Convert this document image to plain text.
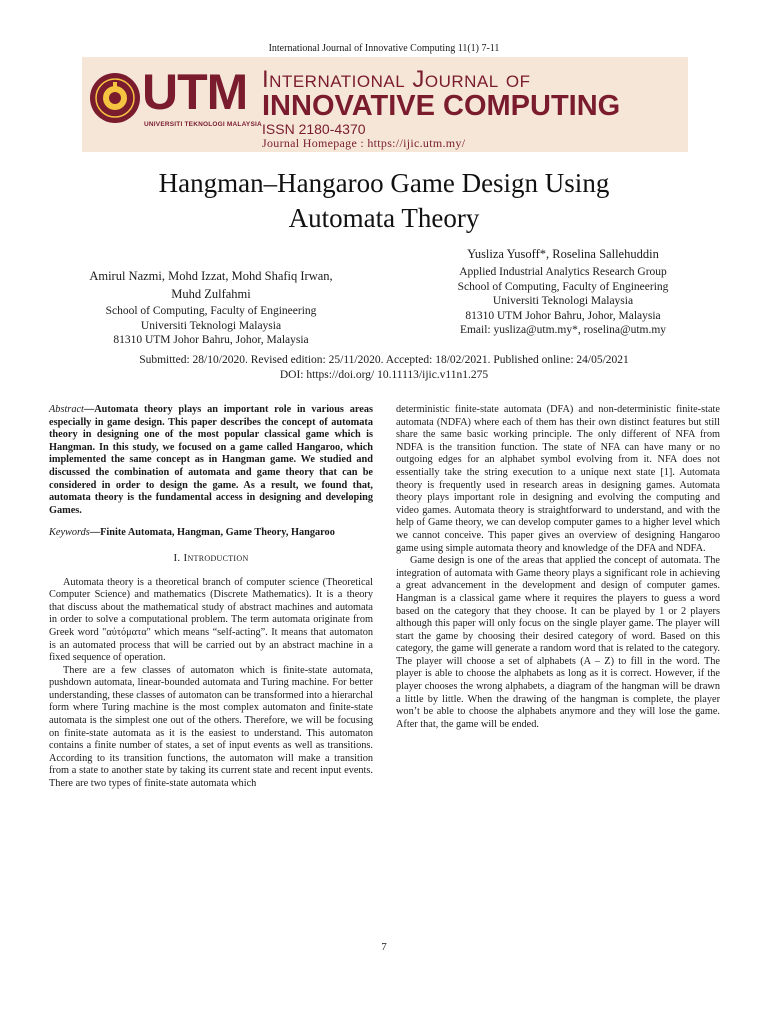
International Journal of Innovative Computing 11(1) 7-11
UTM
UNIVERSITI TEKNOLOGI MALAYSIA
International Journal of
INNOVATIVE COMPUTING
ISSN 2180-4370
Journal Homepage : https://ijic.utm.my/
Hangman–Hangaroo Game Design Using
Automata Theory
Amirul Nazmi, Mohd Izzat, Mohd Shafiq Irwan,
Muhd Zulfahmi
School of Computing, Faculty of Engineering
Universiti Teknologi Malaysia
81310 UTM Johor Bahru, Johor, Malaysia
Yusliza Yusoff*, Roselina Sallehuddin
Applied Industrial Analytics Research Group
School of Computing, Faculty of Engineering
Universiti Teknologi Malaysia
81310 UTM Johor Bahru, Johor, Malaysia
Email: yusliza@utm.my*, roselina@utm.my
Submitted: 28/10/2020. Revised edition: 25/11/2020. Accepted: 18/02/2021. Published online: 24/05/2021
DOI: https://doi.org/ 10.11113/ijic.v11n1.275

Abstract—Automata theory plays an important role in various areas especially in game design. This paper describes the concept of automata theory in designing one of the most popular classical game which is Hangman. In this study, we focused on a game called Hangaroo, which implemented the same concept as in Hangman game. We studied and discussed the combination of automata and game theory that can be considered in order to design the game. As a result, we found that, automata theory is the fundamental access in designing and developing Games.

Keywords—Finite Automata, Hangman, Game Theory, Hangaroo

I. Introduction

Automata theory is a theoretical branch of computer science (Theoretical Computer Science) and mathematics (Discrete Mathematics). It is a theory that discuss about the mathematical study of abstract machines and automata in order to solve a computational problem. The term automata originate from Greek word "αὐτόματα" which means “self-acting”. It means that automaton is an automated process that will be carried out by an abstract machine in a fixed sequence of operation.

There are a few classes of automaton which is finite-state automata, pushdown automata, linear-bounded automata and Turing machine. For better understanding, these classes of automaton can be transformed into a hierarchal form where Turing machine is the most complex automaton and finite-state automata is the simplest one out of the others. Therefore, we will be focusing on finite-state automata as it is the easiest to understand. This automaton contains a finite number of states, a set of input events as well as transitions. According to its transition functions, the automaton will make a transition from a state to another state by taking its current state and recent input events. There are two types of finite-state automata which

deterministic finite-state automata (DFA) and non-deterministic finite-state automata (NDFA) where each of them has their own distinct features but still share the same basic working principle. The only different of NFA from NDFA is the transition function. The state of NFA can have many or no outgoing edges for an alphabet symbol evolving from it. NFA does not essentially take the string execution to a unique next state [1]. Automata theory is frequently used in research areas in designing games. Automata theory plays important role in designing and evolving the computing and video games. Automata theory is straightforward to understand, and with the help of Game theory, we can develop computer games to a higher level which we cannot conceive. This paper gives an overview of designing Hangaroo game using simple automata theory and knowledge of the DFA and NDFA.

Game design is one of the areas that applied the concept of automata. The integration of automata with Game theory plays a significant role in achieving a great advancement in the development and design of computer games. Hangman is a classical game where it requires the players to guess a word based on the category that they choose. It can be played by 1 or 2 players although this paper will only focus on the single player game. The player will start the game by choosing their desired category of word. Based on this category, the game will generate a random word that is related to the category. The player will choose a set of alphabets (A – Z) to fill in the word. The player is able to choose the alphabets as long as it is correct. However, if the player chooses the wrong alphabets, a diagram of the hangman will be drawn a little by little. When the drawing of the hangman is complete, the player won’t be able to choose the alphabets anymore and they will lose the game. After that, the game will be ended.

7
